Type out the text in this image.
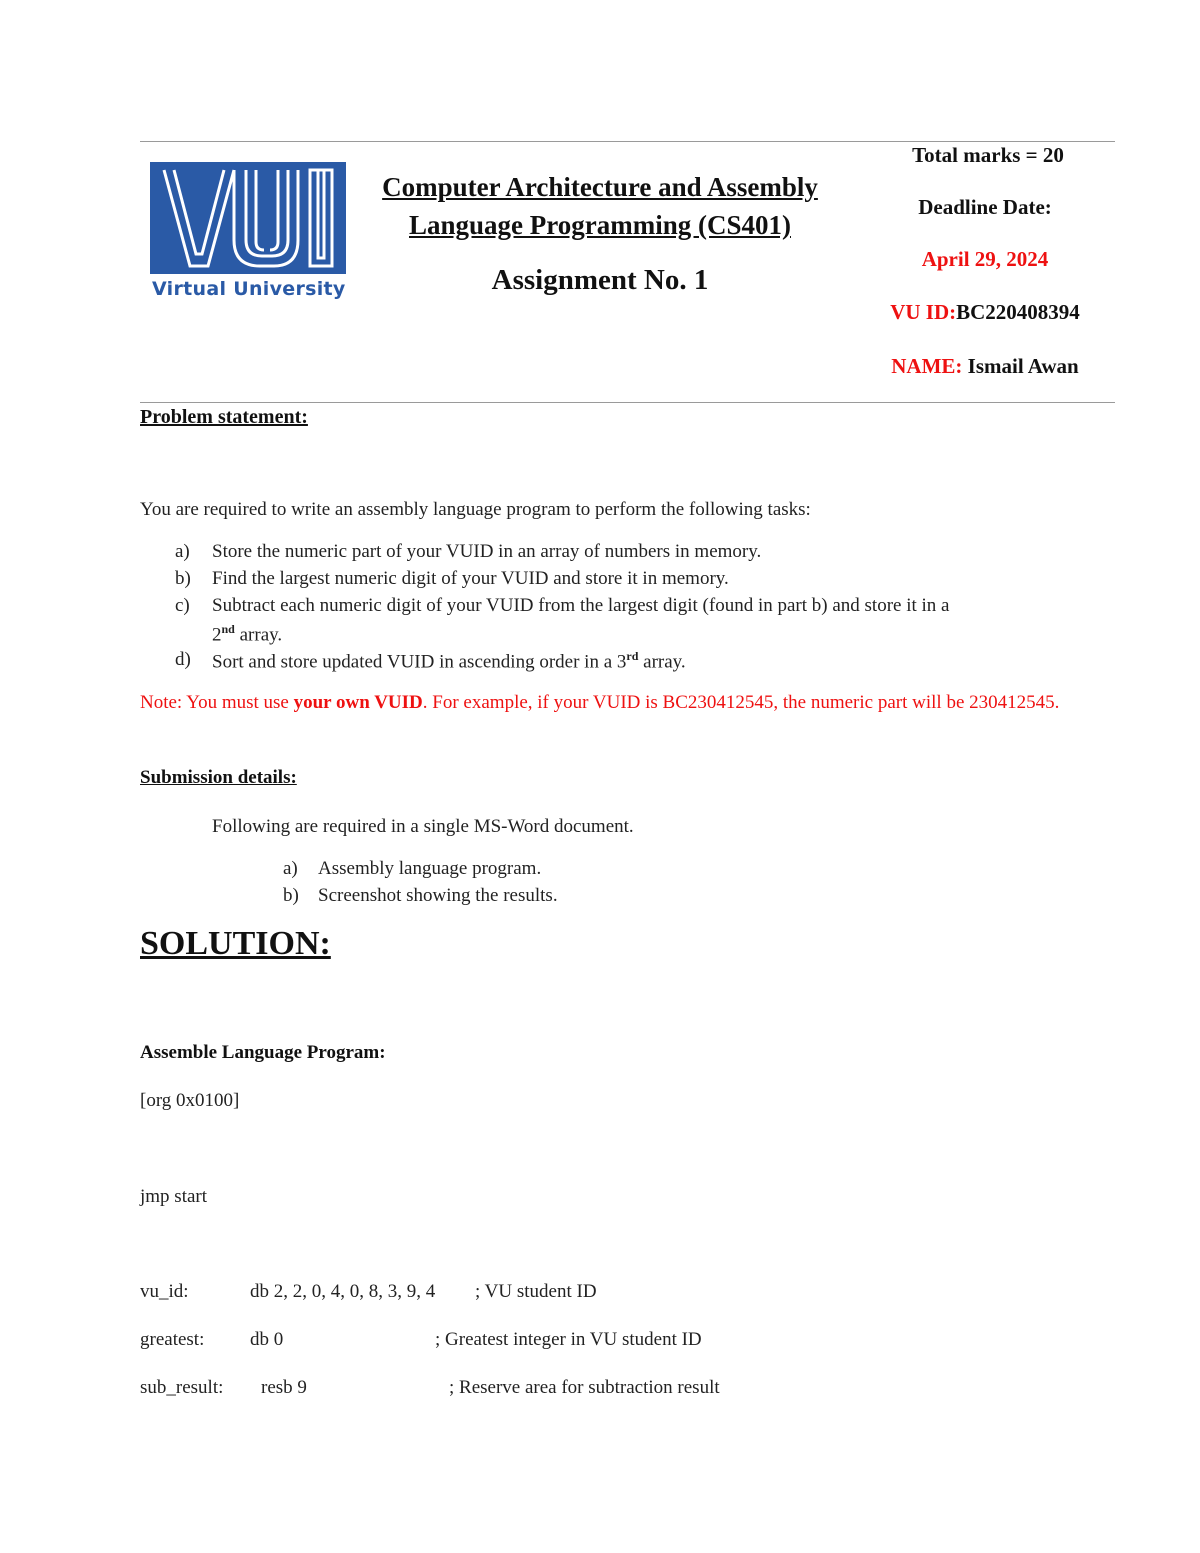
Virtual University
Computer Architecture and Assembly
Language Programming (CS401)
Assignment No. 1
Total marks = 20
Deadline Date:
April 29, 2024
VU ID:BC220408394
NAME: Ismail Awan
Problem statement:
You are required to write an assembly language program to perform the following tasks:
a) Store the numeric part of your VUID in an array of numbers in memory.
b) Find the largest numeric digit of your VUID and store it in memory.
c) Subtract each numeric digit of your VUID from the largest digit (found in part b) and store it in a
2nd array.
d) Sort and store updated VUID in ascending order in a 3rd array.
Note: You must use your own VUID. For example, if your VUID is BC230412545, the numeric part will be 230412545.
Submission details:
Following are required in a single MS-Word document.
a) Assembly language program.
b) Screenshot showing the results.
SOLUTION:
Assemble Language Program:
[org 0x0100]
jmp start
vu_id:	db 2, 2, 0, 4, 0, 8, 3, 9, 4 ; VU student ID
greatest: db 0	; Greatest integer in VU student ID
sub_result: resb 9	; Reserve area for subtraction result
